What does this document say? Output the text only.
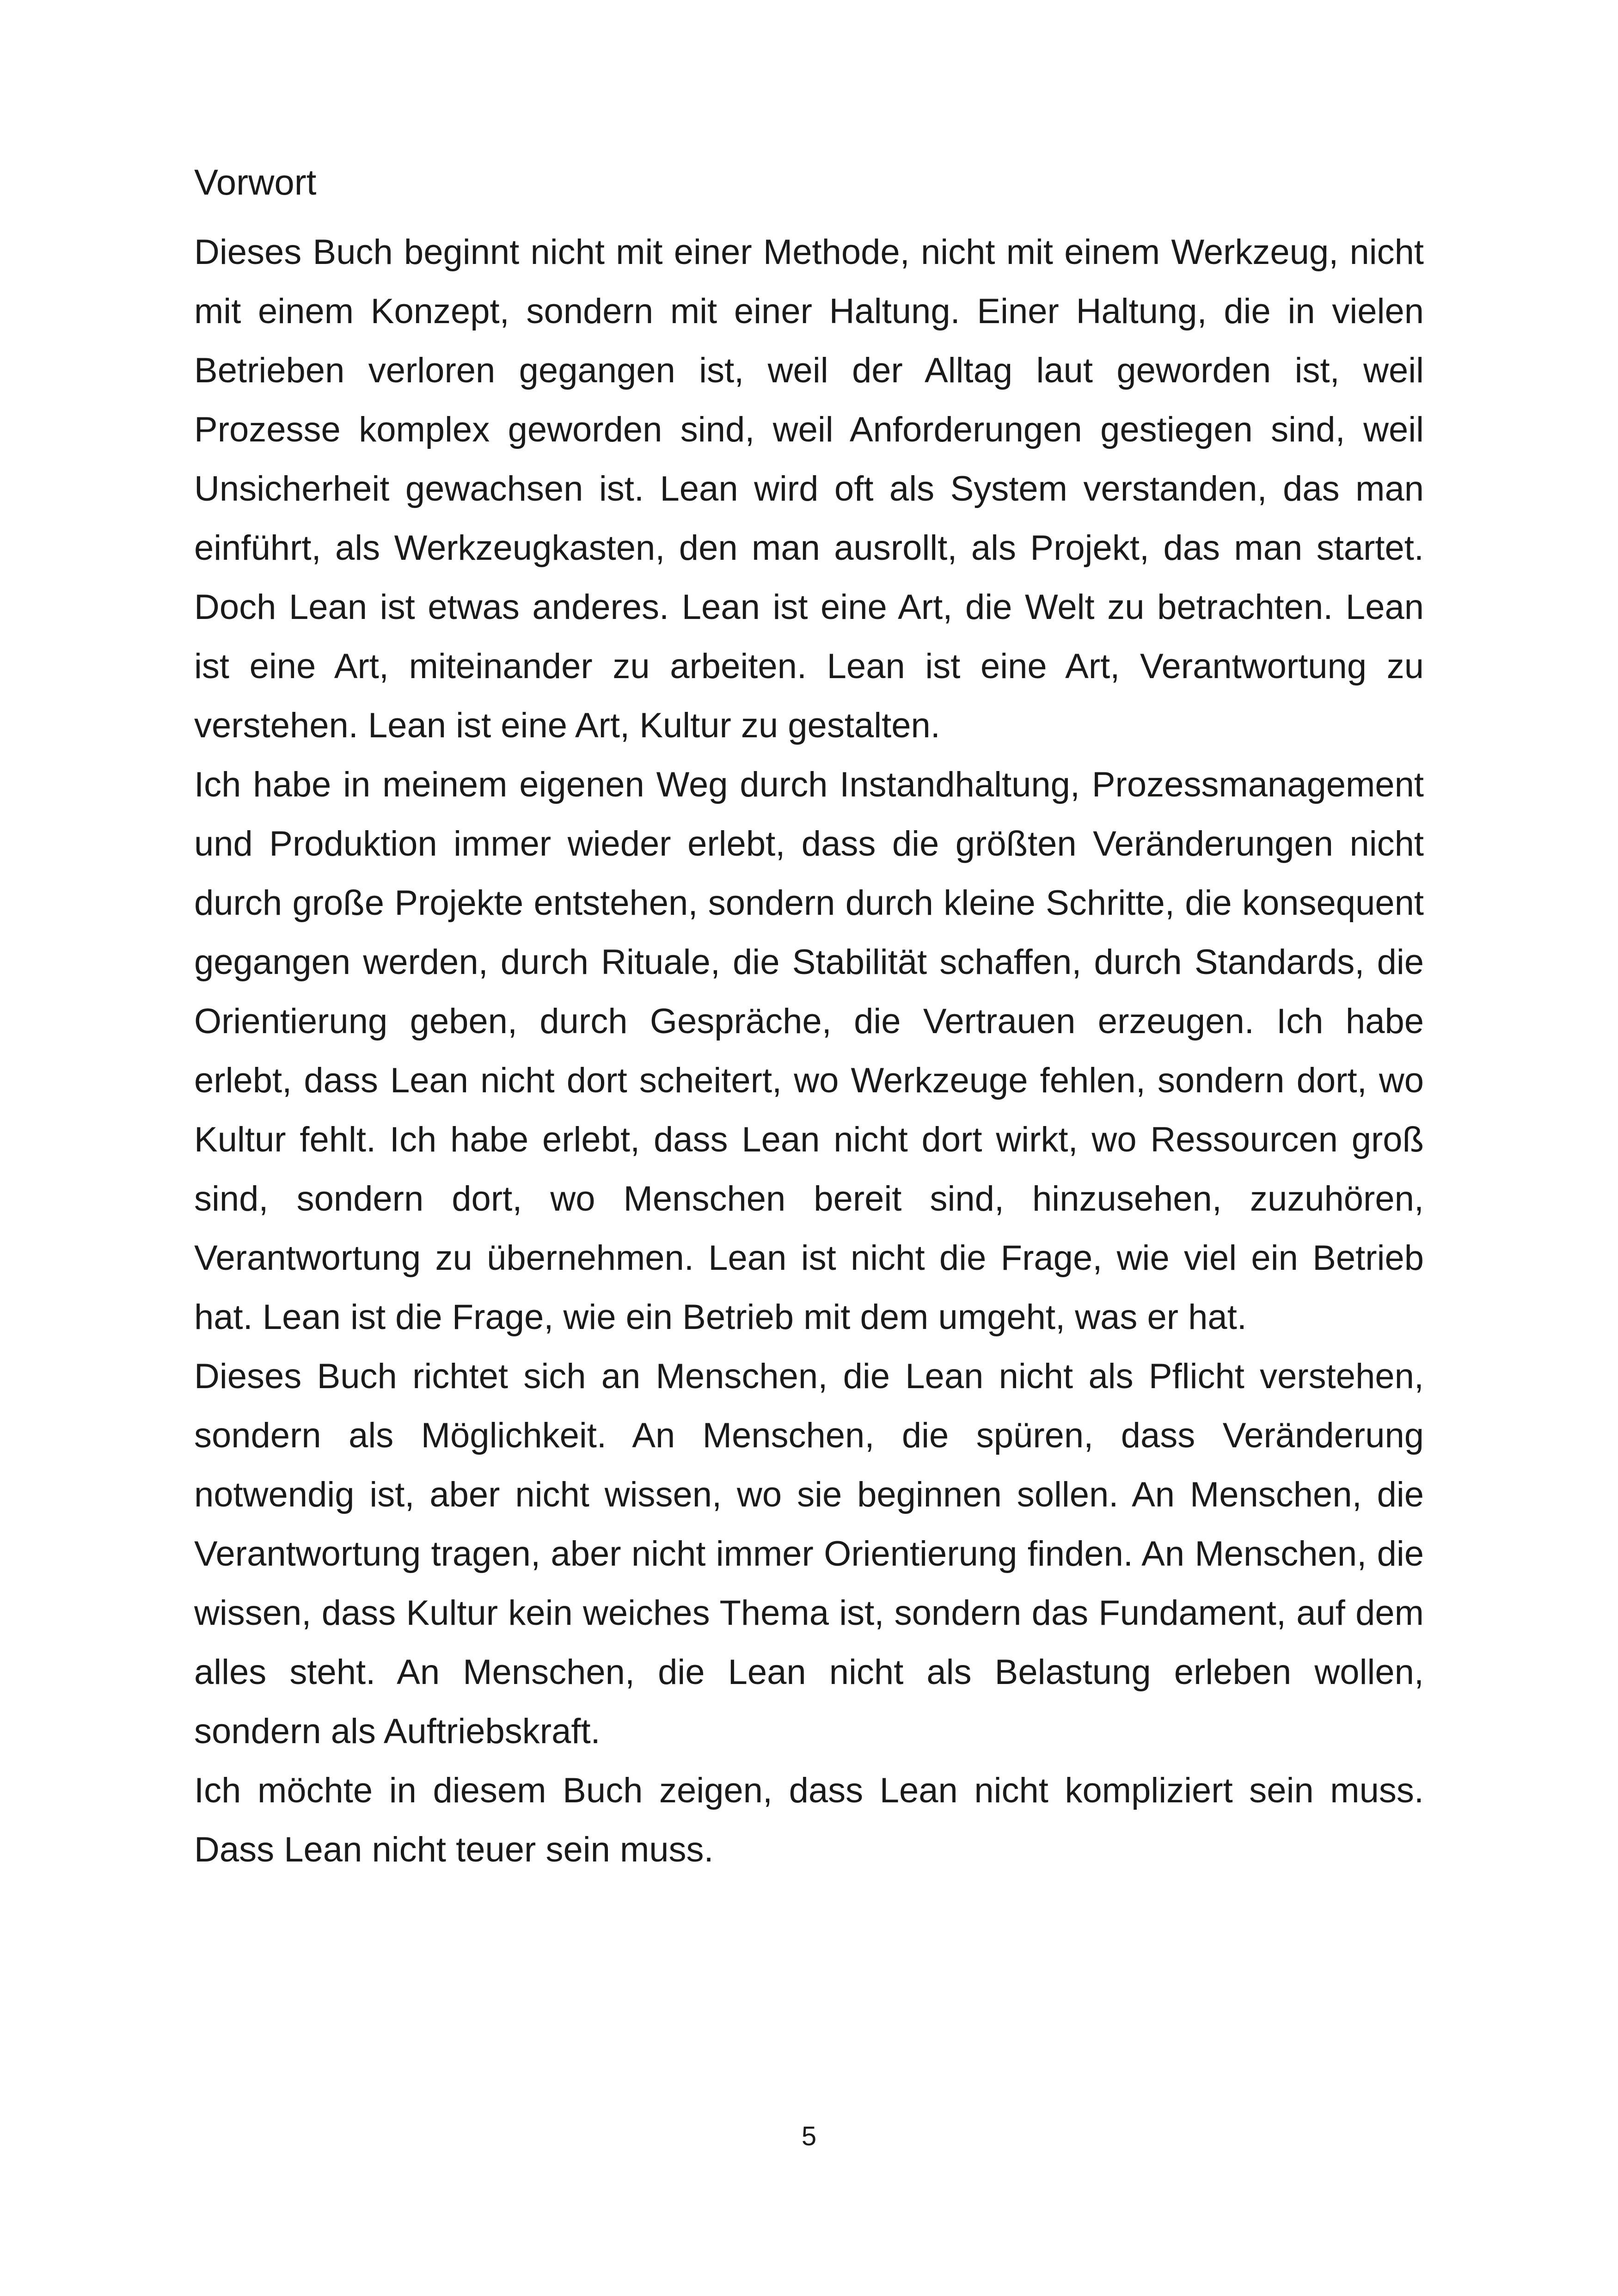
Vorwort

Dieses Buch beginnt nicht mit einer Methode, nicht mit einem Werkzeug, nicht mit einem Konzept, sondern mit einer Haltung. Einer Haltung, die in vielen Betrieben verloren gegangen ist, weil der Alltag laut geworden ist, weil Prozesse komplex geworden sind, weil Anforderungen gestiegen sind, weil Unsicherheit gewachsen ist. Lean wird oft als System verstanden, das man einführt, als Werkzeugkasten, den man ausrollt, als Projekt, das man startet. Doch Lean ist etwas anderes. Lean ist eine Art, die Welt zu betrachten. Lean ist eine Art, miteinander zu arbeiten. Lean ist eine Art, Verantwortung zu verstehen. Lean ist eine Art, Kultur zu gestalten.

Ich habe in meinem eigenen Weg durch Instandhaltung, Prozessmanagement und Produktion immer wieder erlebt, dass die größten Veränderungen nicht durch große Projekte entstehen, sondern durch kleine Schritte, die konsequent gegangen werden, durch Rituale, die Stabilität schaffen, durch Standards, die Orientierung geben, durch Gespräche, die Vertrauen erzeugen. Ich habe erlebt, dass Lean nicht dort scheitert, wo Werkzeuge fehlen, sondern dort, wo Kultur fehlt. Ich habe erlebt, dass Lean nicht dort wirkt, wo Ressourcen groß sind, sondern dort, wo Menschen bereit sind, hinzusehen, zuzuhören, Verantwortung zu übernehmen. Lean ist nicht die Frage, wie viel ein Betrieb hat. Lean ist die Frage, wie ein Betrieb mit dem umgeht, was er hat.

Dieses Buch richtet sich an Menschen, die Lean nicht als Pflicht verstehen, sondern als Möglichkeit. An Menschen, die spüren, dass Veränderung notwendig ist, aber nicht wissen, wo sie beginnen sollen. An Menschen, die Verantwortung tragen, aber nicht immer Orientierung finden. An Menschen, die wissen, dass Kultur kein weiches Thema ist, sondern das Fundament, auf dem alles steht. An Menschen, die Lean nicht als Belastung erleben wollen, sondern als Auftriebskraft.

Ich möchte in diesem Buch zeigen, dass Lean nicht kompliziert sein muss. Dass Lean nicht teuer sein muss.

5
